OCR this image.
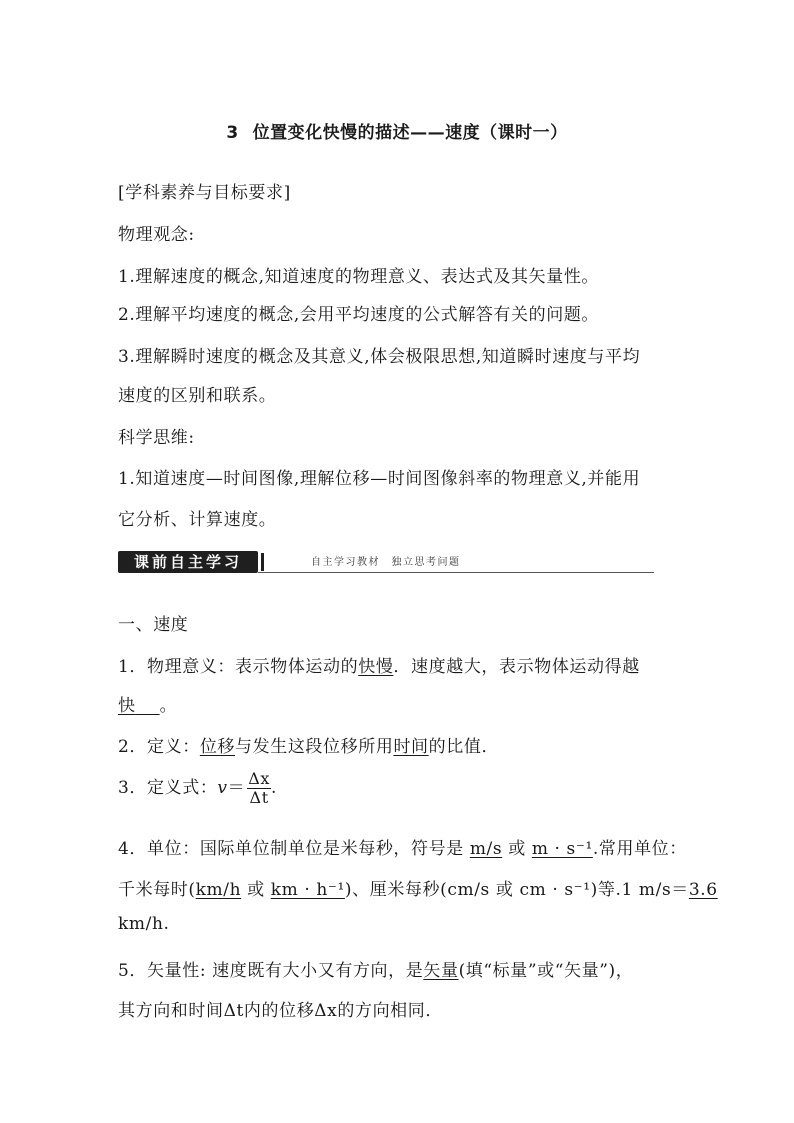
3 位置变化快慢的描述——速度（课时一）
[学科素养与目标要求]
物理观念:
1.理解速度的概念,知道速度的物理意义、表达式及其矢量性。
2.理解平均速度的概念,会用平均速度的公式解答有关的问题。
3.理解瞬时速度的概念及其意义,体会极限思想,知道瞬时速度与平均
速度的区别和联系。
科学思维:
1.知道速度—时间图像,理解位移—时间图像斜率的物理意义,并能用
它分析、计算速度。
课前自主学习	自主学习教材　独立思考问题
一、速度
1．物理意义：表示物体运动的快慢．速度越大，表示物体运动得越
快 。
2．定义：位移与发生这段位移所用时间的比值．
3．定义式：$v= \frac{\Delta x}{\Delta t}$ .
4．单位：国际单位制单位是米每秒，符号是 m/s 或 m · s⁻¹.常用单位：
千米每时(km/h 或 km · h⁻¹)、厘米每秒(cm/s 或 cm · s⁻¹)等.1 m/s＝3.6
km/h.
5．矢量性: 速度既有大小又有方向，是矢量(填“标量”或“矢量”)，
其方向和时间Δt内的位移Δx的方向相同．
